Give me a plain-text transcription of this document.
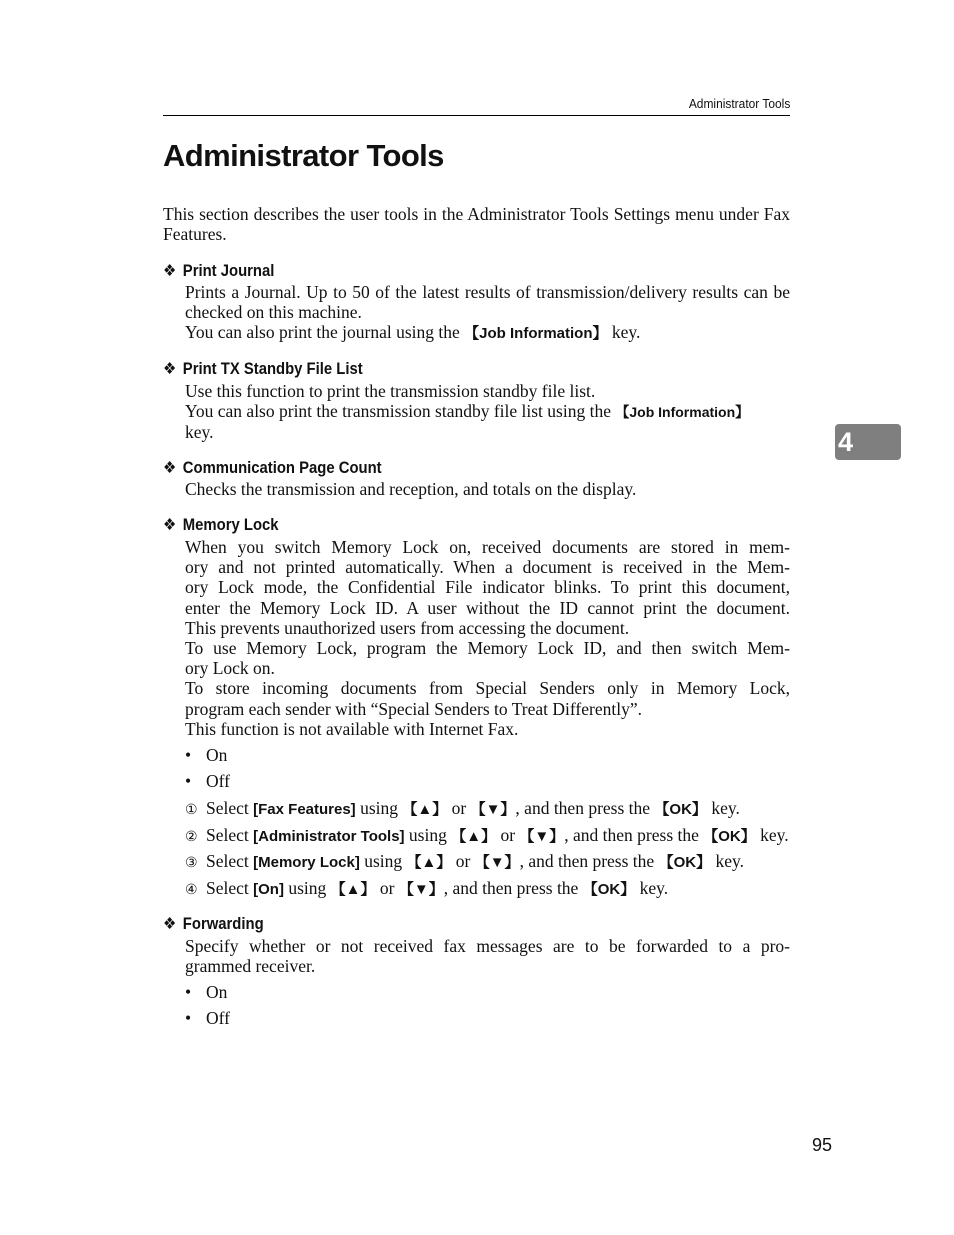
Administrator Tools
Administrator Tools

This section describes the user tools in the Administrator Tools Settings menu under Fax Features.

❖ Print Journal

Prints a Journal. Up to 50 of the latest results of transmission/delivery results can be checked on this machine.
You can also print the journal using the 【Job Information】 key.

❖ Print TX Standby File List

Use this function to print the transmission standby file list.
You can also print the transmission standby file list using the 【Job Information】
key.	4
❖ Communication Page Count

Checks the transmission and reception, and totals on the display.

❖ Memory Lock
When you switch Memory Lock on, received documents are stored in mem-
ory and not printed automatically. When a document is received in the Mem-
ory Lock mode, the Confidential File indicator blinks. To print this document,
enter the Memory Lock ID. A user without the ID cannot print the document.
This prevents unauthorized users from accessing the document.
To use Memory Lock, program the Memory Lock ID, and then switch Mem-
ory Lock on.
To store incoming documents from Special Senders only in Memory Lock,
program each sender with “Special Senders to Treat Differently”.
This function is not available with Internet Fax.
• On
• Off
① Select [Fax Features] using 【▲】 or 【▼】, and then press the 【OK】 key.
② Select [Administrator Tools] using 【▲】 or 【▼】, and then press the 【OK】 key.
③ Select [Memory Lock] using 【▲】 or 【▼】, and then press the 【OK】 key.
④ Select [On] using 【▲】 or 【▼】, and then press the 【OK】 key.
❖ Forwarding
Specify whether or not received fax messages are to be forwarded to a pro-
grammed receiver.
• On
• Off
95
